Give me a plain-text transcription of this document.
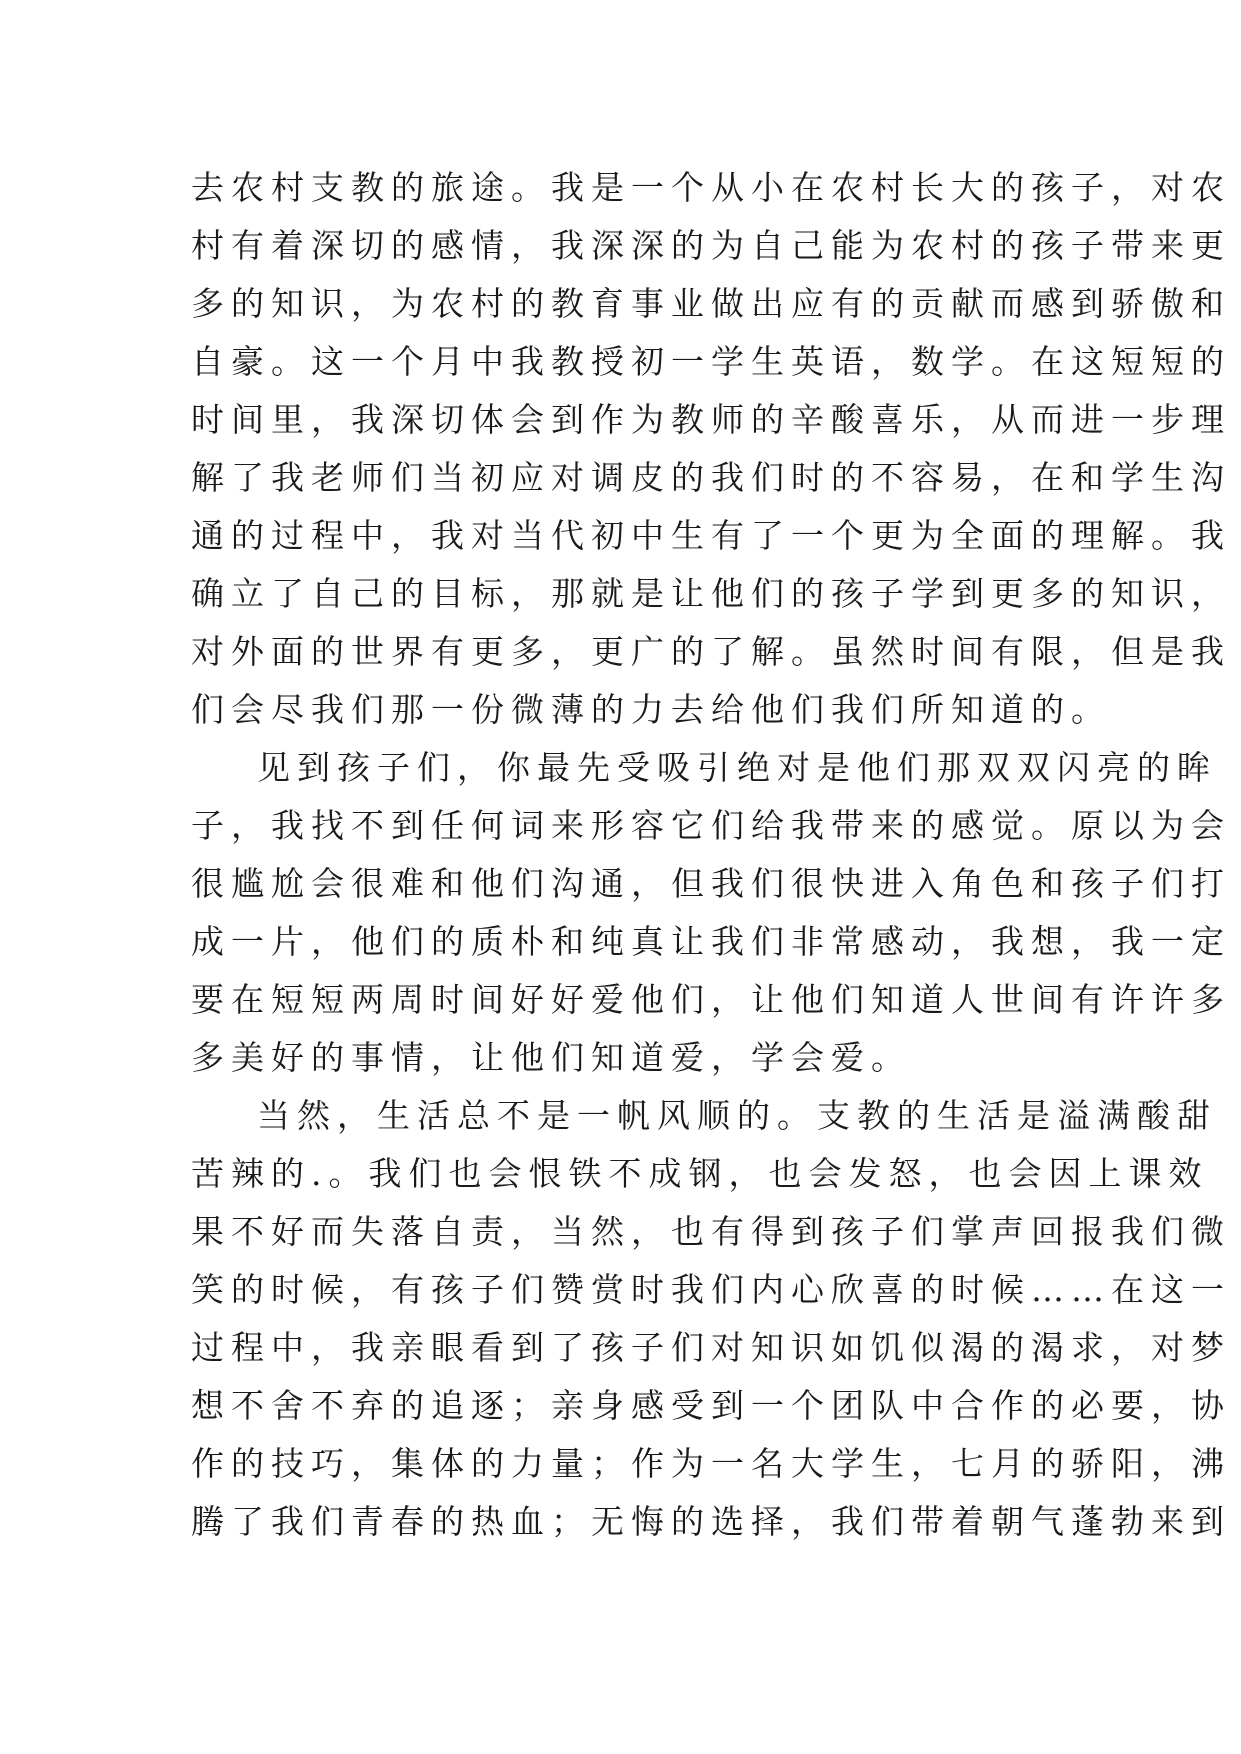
去农村支教的旅途。我是一个从小在农村长大的孩子，对农
村有着深切的感情，我深深的为自己能为农村的孩子带来更
多的知识，为农村的教育事业做出应有的贡献而感到骄傲和
自豪。这一个月中我教授初一学生英语，数学。在这短短的
时间里，我深切体会到作为教师的辛酸喜乐，从而进一步理
解了我老师们当初应对调皮的我们时的不容易，在和学生沟
通的过程中，我对当代初中生有了一个更为全面的理解。我
确立了自己的目标，那就是让他们的孩子学到更多的知识，
对外面的世界有更多，更广的了解。虽然时间有限，但是我
们会尽我们那一份微薄的力去给他们我们所知道的。
见到孩子们，你最先受吸引绝对是他们那双双闪亮的眸
子，我找不到任何词来形容它们给我带来的感觉。原以为会
很尴尬会很难和他们沟通，但我们很快进入角色和孩子们打
成一片，他们的质朴和纯真让我们非常感动，我想，我一定
要在短短两周时间好好爱他们，让他们知道人世间有许许多
多美好的事情，让他们知道爱，学会爱。
当然，生活总不是一帆风顺的。支教的生活是溢满酸甜
苦辣的.。我们也会恨铁不成钢，也会发怒，也会因上课效
果不好而失落自责，当然，也有得到孩子们掌声回报我们微
笑的时候，有孩子们赞赏时我们内心欣喜的时候……在这一
过程中，我亲眼看到了孩子们对知识如饥似渴的渴求，对梦
想不舍不弃的追逐；亲身感受到一个团队中合作的必要，协
作的技巧，集体的力量；作为一名大学生，七月的骄阳，沸
腾了我们青春的热血；无悔的选择，我们带着朝气蓬勃来到
